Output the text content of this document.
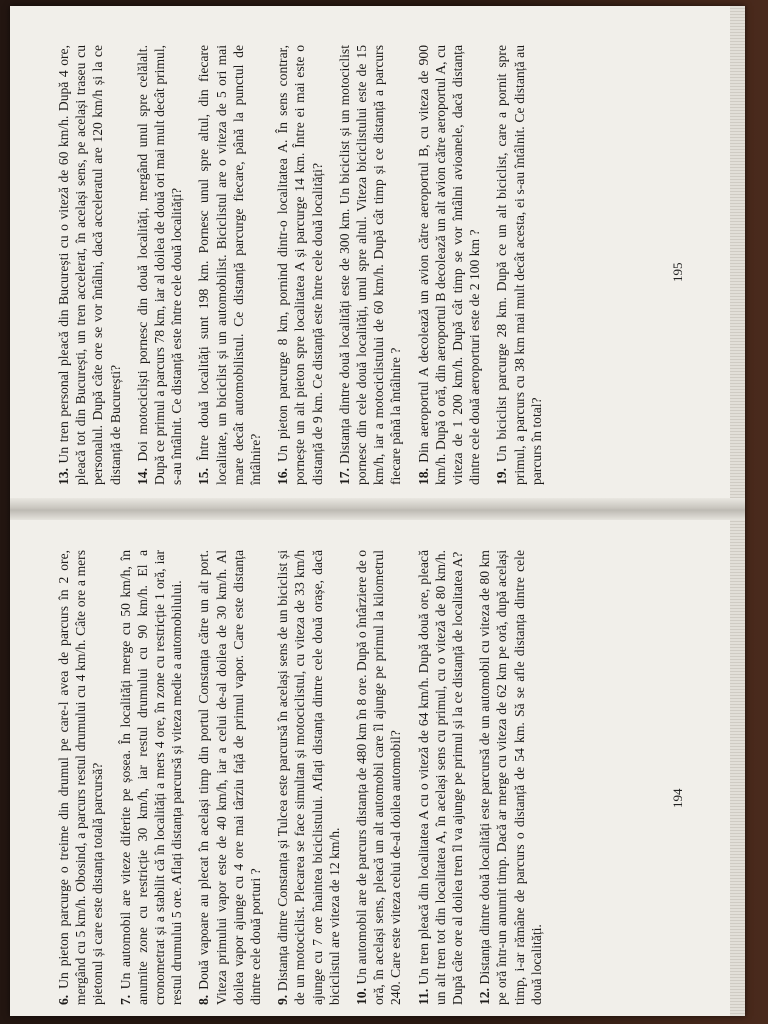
13. Un tren personal pleacă din București cu o viteză de 60 km/h. După 4 ore, pleacă tot din București, un tren accelerat, în același sens, pe același traseu cu personalul. După câte ore se vor întâlni, dacă acceleratul are 120 km/h și la ce distanță de București? 14. Doi motocicliști pornesc din două localități, mergând unul spre celălalt. După ce primul a parcurs 78 km, iar al doilea de două ori mai mult decât primul, s-au întâlnit. Ce distanță este între cele două localități? 15. Între două localități sunt 198 km. Pornesc unul spre altul, din fiecare localitate, un biciclist și un automobilist. Biciclistul are o viteza de 5 ori mai mare decât automobilistul. Ce distanță parcurge fiecare, până la punctul de întâlnire? 16. Un pieton parcurge 8 km, pornind dintr-o localitatea A. În sens contrar, pornește un alt pieton spre localitatea A și parcurge 14 km. Între ei mai este o distanță de 9 km. Ce distanță este între cele două localități? 17. Distanța dintre două localități este de 300 km. Un biciclist și un motociclist pornesc din cele două localități, unul spre altul. Viteza biciclistului este de 15 km/h, iar a motociclistului de 60 km/h. După cât timp și ce distanță a parcurs fiecare până la întâlnire ? 18. Din aeroportul A decolează un avion către aeroportul B, cu viteza de 900 km/h. După o oră, din aeroportul B decolează un alt avion către aeroportul A, cu viteza de 1 200 km/h. După cât timp se vor întâlni avioanele, dacă distanța dintre cele două aeroporturi este de 2 100 km ? 19. Un biciclist parcurge 28 km. După ce un alt biciclist, care a pornit spre primul, a parcurs cu 38 km mai mult decât acesta, ei s-au întâlnit. Ce distanță au parcurs în total?
195
6. Un pieton parcurge o treime din drumul pe care-l avea de parcurs în 2 ore, mergând cu 5 km/h. Obosind, a parcurs restul drumului cu 4 km/h. Câte ore a mers pietonul și care este distanța totală parcursă? 7. Un automobil are viteze diferite pe șosea. În localități merge cu 50 km/h, în anumite zone cu restricție 30 km/h, iar restul drumului cu 90 km/h. El a cronometrat și a stabilit că în localități a mers 4 ore, în zone cu restricție 1 oră, iar restul drumului 5 ore. Aflați distanța parcursă și viteza medie a automobilului. 8. Două vapoare au plecat în același timp din portul Constanța către un alt port. Viteza primului vapor este de 40 km/h, iar a celui de-al doilea de 30 km/h. Al doilea vapor ajunge cu 4 ore mai târziu față de primul vapor. Care este distanța dintre cele două porturi ? 9. Distanța dintre Constanța și Tulcea este parcursă în același sens de un biciclist și de un motociclist. Plecarea se face simultan și motociclistul, cu viteza de 33 km/h ajunge cu 7 ore înaintea biciclistului. Aflați distanța dintre cele două orașe, dacă biciclistul are viteza de 12 km/h. 10. Un automobil are de parcurs distanța de 480 km în 8 ore. După o întârziere de o oră, în același sens, pleacă un alt automobil care îl ajunge pe primul la kilometrul 240. Care este viteza celui de-al doilea automobil? 11. Un tren pleacă din localitatea A cu o viteză de 64 km/h. După două ore, pleacă un alt tren tot din localitatea A, în același sens cu primul, cu o viteză de 80 km/h. După câte ore al doilea tren îl va ajunge pe primul și la ce distanță de localitatea A? 12. Distanța dintre două localități este parcursă de un automobil cu viteza de 80 km pe oră într-un anumit timp. Dacă ar merge cu viteza de 62 km pe oră, după același timp, i-ar rămâne de parcurs o distanță de 54 km. Să se afle distanța dintre cele două localități.
194
